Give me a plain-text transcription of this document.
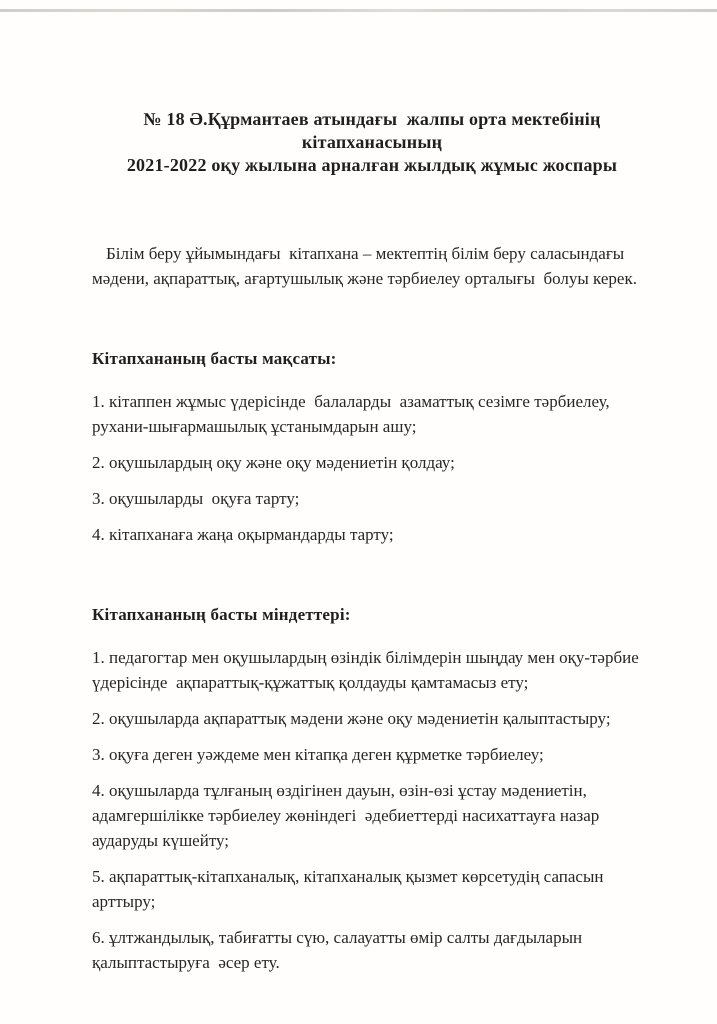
№ 18 Ә.Құрмантаев атындағы  жалпы орта мектебінің
кітапханасының
2021-2022 оқу жылына арналған жылдық жұмыс жоспары

Білім беру ұйымындағы  кітапхана – мектептің білім беру саласындағы мәдени, ақпараттық, ағартушылық және тәрбиелеу орталығы  болуы керек.

Кітапхананың басты мақсаты:

1. кітаппен жұмыс үдерісінде  балаларды  азаматтық сезімге тәрбиелеу, рухани-шығармашылық ұстанымдарын ашу;

2. оқушылардың оқу және оқу мәдениетін қолдау;

3. оқушыларды  оқуға тарту;

4. кітапханаға жаңа оқырмандарды тарту;

Кітапхананың басты міндеттері:

1. педагогтар мен оқушылардың өзіндік білімдерін шыңдау мен оқу-тәрбие үдерісінде  ақпараттық-құжаттық қолдауды қамтамасыз ету;

2. оқушыларда ақпараттық мәдени және оқу мәдениетін қалыптастыру;

3. оқуға деген уәждеме мен кітапқа деген құрметке тәрбиелеу;

4. оқушыларда тұлғаның өздігінен дауын, өзін-өзі ұстау мәдениетін, адамгершілікке тәрбиелеу жөніндегі  әдебиеттерді насихаттауға назар аударуды күшейту;

5. ақпараттық-кітапханалық, кітапханалық қызмет көрсетудің сапасын арттыру;

6. ұлтжандылық, табиғатты сүю, салауатты өмір салты дағдыларын қалыптастыруға  әсер ету.
